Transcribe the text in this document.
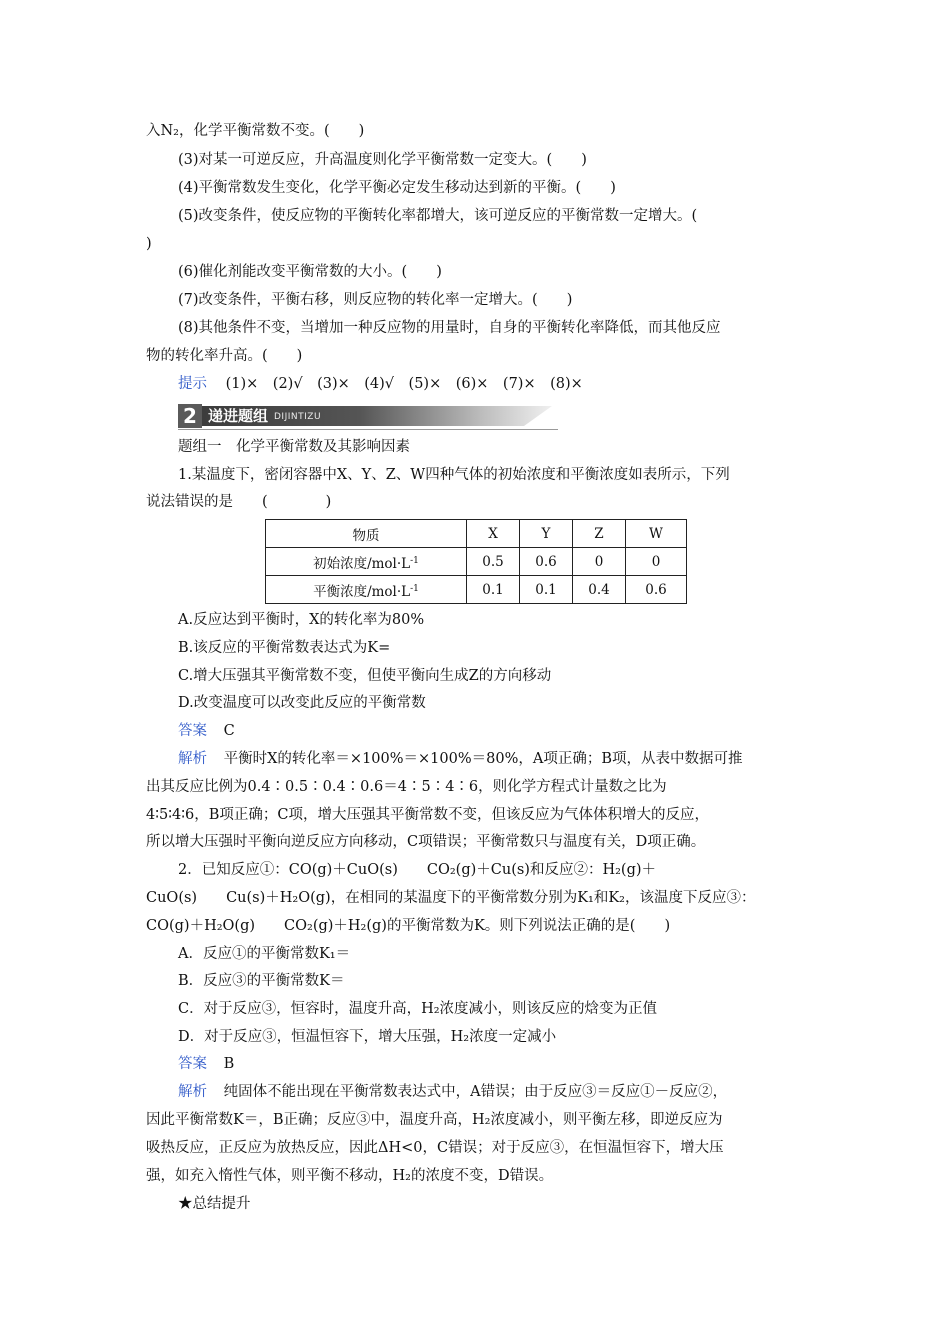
入N₂，化学平衡常数不变。(　　)
(3)对某一可逆反应，升高温度则化学平衡常数一定变大。(　　)
(4)平衡常数发生变化，化学平衡必定发生移动达到新的平衡。(　　)
(5)改变条件，使反应物的平衡转化率都增大，该可逆反应的平衡常数一定增大。(
)
(6)催化剂能改变平衡常数的大小。(　　)
(7)改变条件，平衡右移，则反应物的转化率一定增大。(　　)
(8)其他条件不变，当增加一种反应物的用量时，自身的平衡转化率降低，而其他反应
物的转化率升高。(　　)
提示 (1)×　(2)√　(3)×　(4)√　(5)×　(6)×　(7)×　(8)×
2 递进题组 DIJINTIZU
题组一　化学平衡常数及其影响因素
1.某温度下，密闭容器中X、Y、Z、W四种气体的初始浓度和平衡浓度如表所示，下列
说法错误的是　　(　　　　)
物质	X	Y	Z	W
初始浓度$/mol\cdot L^{-1}$	0.5	0.6	0	0
平衡浓度$/mol\cdot L^{-1}$	0.1	0.1	0.4	0.6
A.反应达到平衡时，X的转化率为80%
B.该反应的平衡常数表达式为K=
C.增大压强其平衡常数不变，但使平衡向生成Z的方向移动
D.改变温度可以改变此反应的平衡常数
答案 C
解析 平衡时X的转化率＝×100%＝×100%＝80%，A项正确；B项，从表中数据可推
出其反应比例为0.4∶0.5∶0.4∶0.6＝4∶5∶4∶6，则化学方程式计量数之比为
4∶5∶4∶6，B项正确；C项，增大压强其平衡常数不变，但该反应为气体体积增大的反应，
所以增大压强时平衡向逆反应方向移动，C项错误；平衡常数只与温度有关，D项正确。
2．已知反应①：CO(g)＋CuO(s)　　CO₂(g)＋Cu(s)和反应②：H₂(g)＋
CuO(s)　　Cu(s)＋H₂O(g)，在相同的某温度下的平衡常数分别为K₁和K₂，该温度下反应③：
CO(g)＋H₂O(g)　　CO₂(g)＋H₂(g)的平衡常数为K。则下列说法正确的是(　　)
A．反应①的平衡常数K₁＝
B．反应③的平衡常数K＝
C．对于反应③，恒容时，温度升高，H₂浓度减小，则该反应的焓变为正值
D．对于反应③，恒温恒容下，增大压强，H₂浓度一定减小
答案 B
解析 纯固体不能出现在平衡常数表达式中，A错误；由于反应③＝反应①－反应②，
因此平衡常数K＝，B正确；反应③中，温度升高，H₂浓度减小，则平衡左移，即逆反应为
吸热反应，正反应为放热反应，因此ΔH<0，C错误；对于反应③，在恒温恒容下，增大压
强，如充入惰性气体，则平衡不移动，H₂的浓度不变，D错误。
★总结提升
